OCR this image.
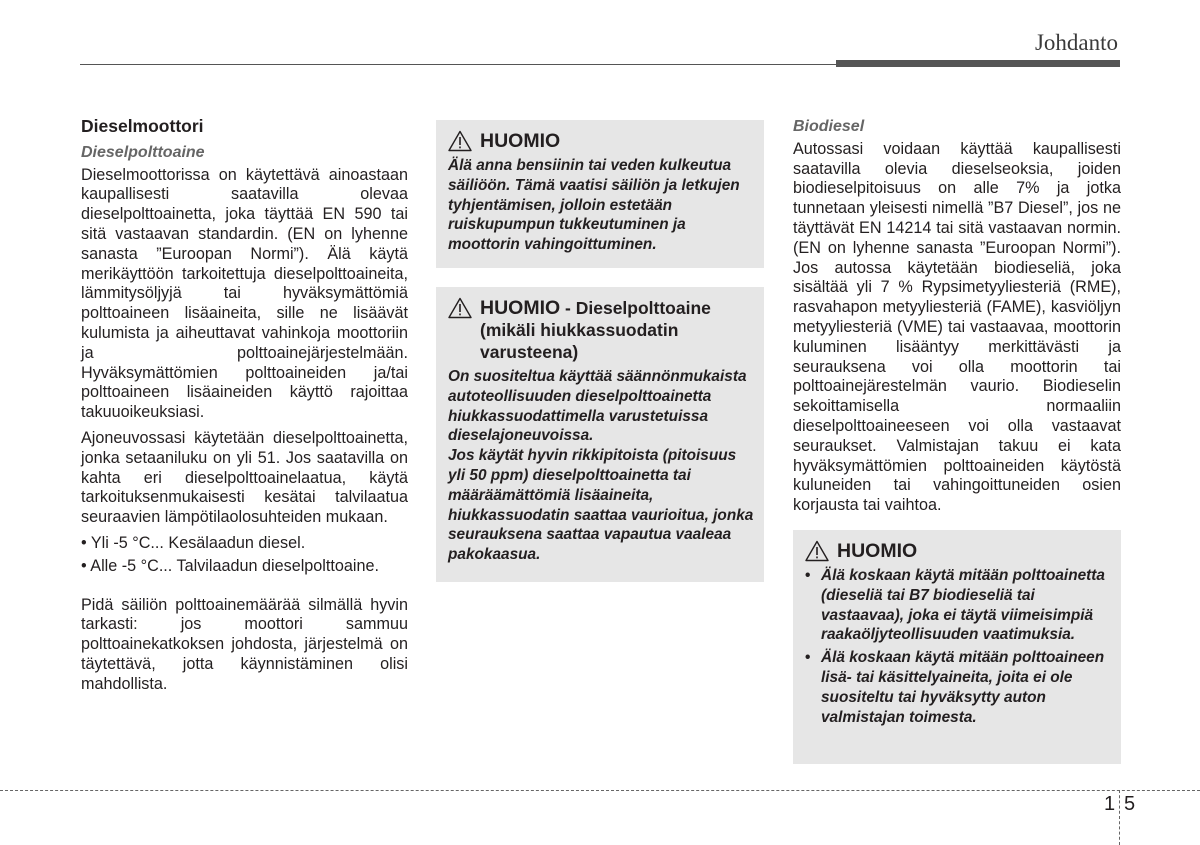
Johdanto
Dieselmoottori
Dieselpolttoaine

Dieselmoottorissa on käytettävä ainoastaan kaupallisesti saatavilla olevaa dieselpolttoainetta, joka täyttää EN 590 tai sitä vastaavan standardin. (EN on lyhenne sanasta ”Euroopan Normi”). Älä käytä merikäyttöön tarkoitettuja dieselpolttoaineita, lämmitysöljyjä tai hyväksymättömiä polttoaineen lisäaineita, sille ne lisäävät kulumista ja aiheuttavat vahinkoja moottoriin ja polttoainejärjestelmään. Hyväksymättömien polttoaineiden ja/tai polttoaineen lisäaineiden käyttö rajoittaa takuuoikeuksiasi.

Ajoneuvossasi käytetään dieselpolttoainetta, jonka setaaniluku on yli 51. Jos saatavilla on kahta eri dieselpolttoainelaatua, käytä tarkoituksenmukaisesti kesätai talvilaatua seuraavien lämpötilaolosuhteiden mukaan.

• Yli -5 °C... Kesälaadun diesel.
• Alle -5 °C... Talvilaadun dieselpolttoaine.

Pidä säiliön polttoainemäärää silmällä hyvin tarkasti: jos moottori sammuu polttoainekatkoksen johdosta, järjestelmä on täytettävä, jotta käynnistäminen olisi mahdollista.

HUOMIO

Älä anna bensiinin tai veden kulkeutua säiliöön. Tämä vaatisi säiliön ja letkujen tyhjentämisen, jolloin estetään ruiskupumpun tukkeutuminen ja moottorin vahingoittuminen.

HUOMIO - Dieselpolttoaine (mikäli hiukkassuodatin varusteena)

On suositeltua käyttää säännönmukaista autoteollisuuden dieselpolttoainetta hiukkassuodattimella varustetuissa dieselajoneuvoissa.

Jos käytät hyvin rikkipitoista (pitoisuus yli 50 ppm) dieselpolttoainetta tai määräämättömiä lisäaineita, hiukkassuodatin saattaa vaurioitua, jonka seurauksena saattaa vapautua vaaleaa pakokaasua.

Biodiesel

Autossasi voidaan käyttää kaupallisesti saatavilla olevia dieselseoksia, joiden biodieselpitoisuus on alle 7% ja jotka tunnetaan yleisesti nimellä ”B7 Diesel”, jos ne täyttävät EN 14214 tai sitä vastaavan normin. (EN on lyhenne sanasta ”Euroopan Normi”). Jos autossa käytetään biodieseliä, joka sisältää yli 7 % Rypsimetyyliesteriä (RME), rasvahapon metyyliesteriä (FAME), kasviöljyn metyyliesteriä (VME) tai vastaavaa, moottorin kuluminen lisääntyy merkittävästi ja seurauksena voi olla moottorin tai polttoainejärestelmän vaurio. Biodieselin sekoittamisella normaaliin dieselpolttoaineeseen voi olla vastaavat seuraukset. Valmistajan takuu ei kata hyväksymättömien polttoaineiden käytöstä kuluneiden tai vahingoittuneiden osien korjausta tai vaihtoa.

HUOMIO
• Älä koskaan käytä mitään polttoainetta (dieseliä tai B7 biodieseliä tai vastaavaa), joka ei täytä viimeisimpiä raakaöljyteollisuuden vaatimuksia.
• Älä koskaan käytä mitään polttoaineen lisä- tai käsittelyaineita, joita ei ole suositeltu tai hyväksytty auton valmistajan toimesta.
1 5
